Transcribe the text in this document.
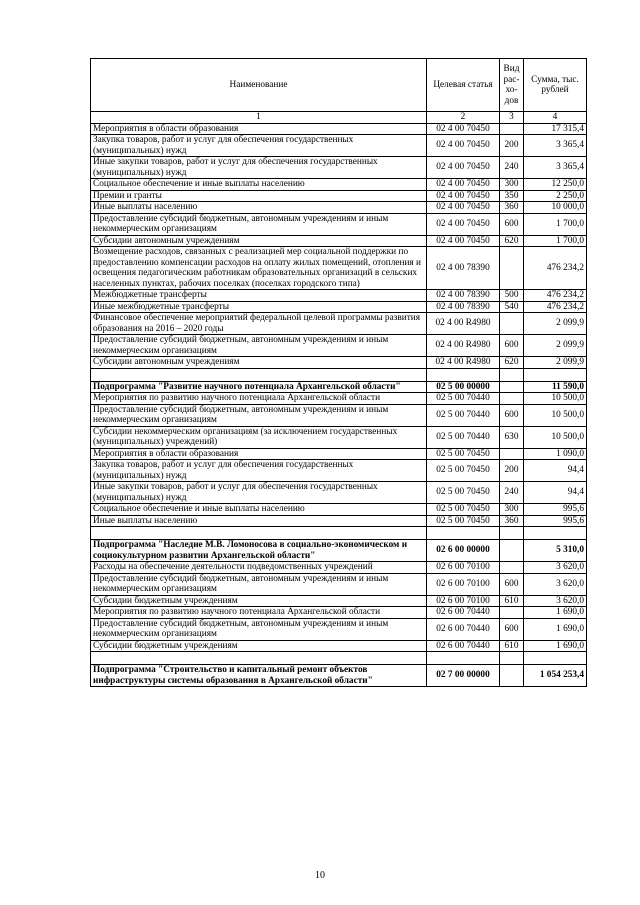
Наименование	Целевая статья	Вид рас-хо-дов	Сумма, тыс. рублей
1	2	3	4
Мероприятия в области образования	02 4 00 70450		17 315,4
Закупка товаров, работ и услуг для обеспечения государственных (муниципальных) нужд	02 4 00 70450	200	3 365,4
Иные закупки товаров, работ и услуг для обеспечения государственных (муниципальных) нужд	02 4 00 70450	240	3 365,4
Социальное обеспечение и иные выплаты населению	02 4 00 70450	300	12 250,0
Премии и гранты	02 4 00 70450	350	2 250,0
Иные выплаты населению	02 4 00 70450	360	10 000,0
Предоставление субсидий бюджетным, автономным учреждениям и иным некоммерческим организациям	02 4 00 70450	600	1 700,0
Субсидии автономным учреждениям	02 4 00 70450	620	1 700,0
Возмещение расходов, связанных с реализацией мер социальной поддержки по предоставлению компенсации расходов на оплату жилых помещений, отопления и освещения педагогическим работникам образовательных организаций в сельских населенных пунктах, рабочих поселках (поселках городского типа)	02 4 00 78390		476 234,2
Межбюджетные трансферты	02 4 00 78390	500	476 234,2
Иные межбюджетные трансферты	02 4 00 78390	540	476 234,2
Финансовое обеспечение мероприятий федеральной целевой программы развития образования на 2016 – 2020 годы	02 4 00 R4980		2 099,9
Предоставление субсидий бюджетным, автономным учреждениям и иным некоммерческим организациям	02 4 00 R4980	600	2 099,9
Субсидии автономным учреждениям	02 4 00 R4980	620	2 099,9

Подпрограмма "Развитие научного потенциала Архангельской области"	02 5 00 00000		11 590,0
Мероприятия по развитию научного потенциала Архангельской области	02 5 00 70440		10 500,0
Предоставление субсидий бюджетным, автономным учреждениям и иным некоммерческим организациям	02 5 00 70440	600	10 500,0
Субсидии некоммерческим организациям (за исключением государственных (муниципальных) учреждений)	02 5 00 70440	630	10 500,0
Мероприятия в области образования	02 5 00 70450		1 090,0
Закупка товаров, работ и услуг для обеспечения государственных (муниципальных) нужд	02 5 00 70450	200	94,4
Иные закупки товаров, работ и услуг для обеспечения государственных (муниципальных) нужд	02 5 00 70450	240	94,4
Социальное обеспечение и иные выплаты населению	02 5 00 70450	300	995,6
Иные выплаты населению	02 5 00 70450	360	995,6

Подпрограмма "Наследие М.В. Ломоносова в социально-экономическом и социокультурном развитии Архангельской области"	02 6 00 00000		5 310,0
Расходы на обеспечение деятельности подведомственных учреждений	02 6 00 70100		3 620,0
Предоставление субсидий бюджетным, автономным учреждениям и иным некоммерческим организациям	02 6 00 70100	600	3 620,0
Субсидии бюджетным учреждениям	02 6 00 70100	610	3 620,0
Мероприятия по развитию научного потенциала Архангельской области	02 6 00 70440		1 690,0
Предоставление субсидий бюджетным, автономным учреждениям и иным некоммерческим организациям	02 6 00 70440	600	1 690,0
Субсидии бюджетным учреждениям	02 6 00 70440	610	1 690,0

Подпрограмма "Строительство и капитальный ремонт объектов инфраструктуры системы образования в Архангельской области"	02 7 00 00000		1 054 253,4
10
